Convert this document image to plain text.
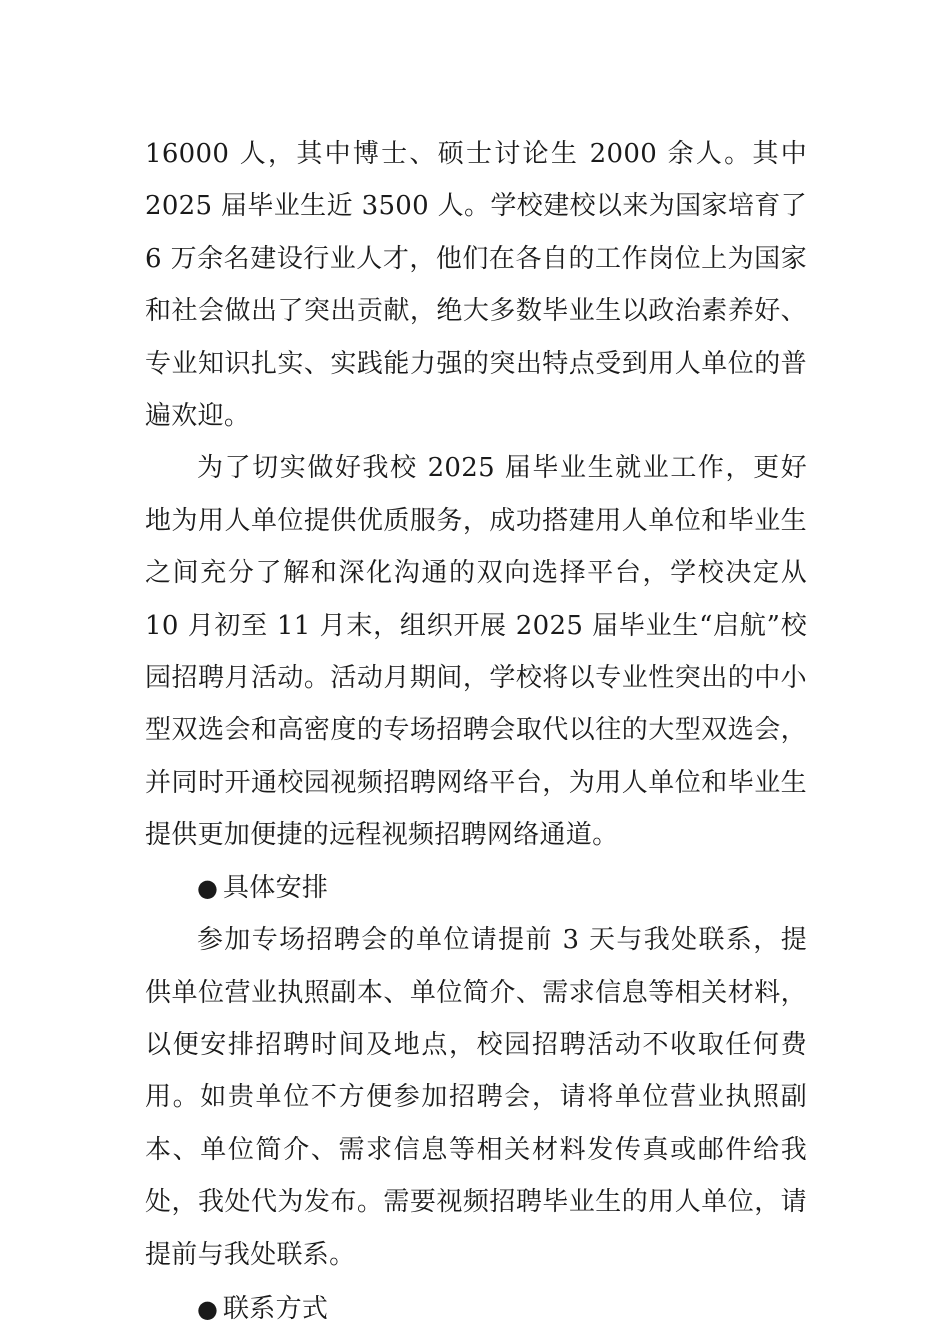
16000 人，其中博士、硕士讨论生 2000 余人。其中 2025 届毕业生近 3500 人。学校建校以来为国家培育了 6 万余名建设行业人才，他们在各自的工作岗位上为国家和社会做出了突出贡献，绝大多数毕业生以政治素养好、专业知识扎实、实践能力强的突出特点受到用人单位的普遍欢迎。

为了切实做好我校 2025 届毕业生就业工作，更好地为用人单位提供优质服务，成功搭建用人单位和毕业生之间充分了解和深化沟通的双向选择平台，学校决定从 10 月初至 11 月末，组织开展 2025 届毕业生“启航”校园招聘月活动。活动月期间，学校将以专业性突出的中小型双选会和高密度的专场招聘会取代以往的大型双选会，并同时开通校园视频招聘网络平台，为用人单位和毕业生提供更加便捷的远程视频招聘网络通道。

● 具体安排

参加专场招聘会的单位请提前 3 天与我处联系，提供单位营业执照副本、单位简介、需求信息等相关材料，以便安排招聘时间及地点，校园招聘活动不收取任何费用。如贵单位不方便参加招聘会，请将单位营业执照副本、单位简介、需求信息等相关材料发传真或邮件给我处，我处代为发布。需要视频招聘毕业生的用人单位，请提前与我处联系。

● 联系方式
